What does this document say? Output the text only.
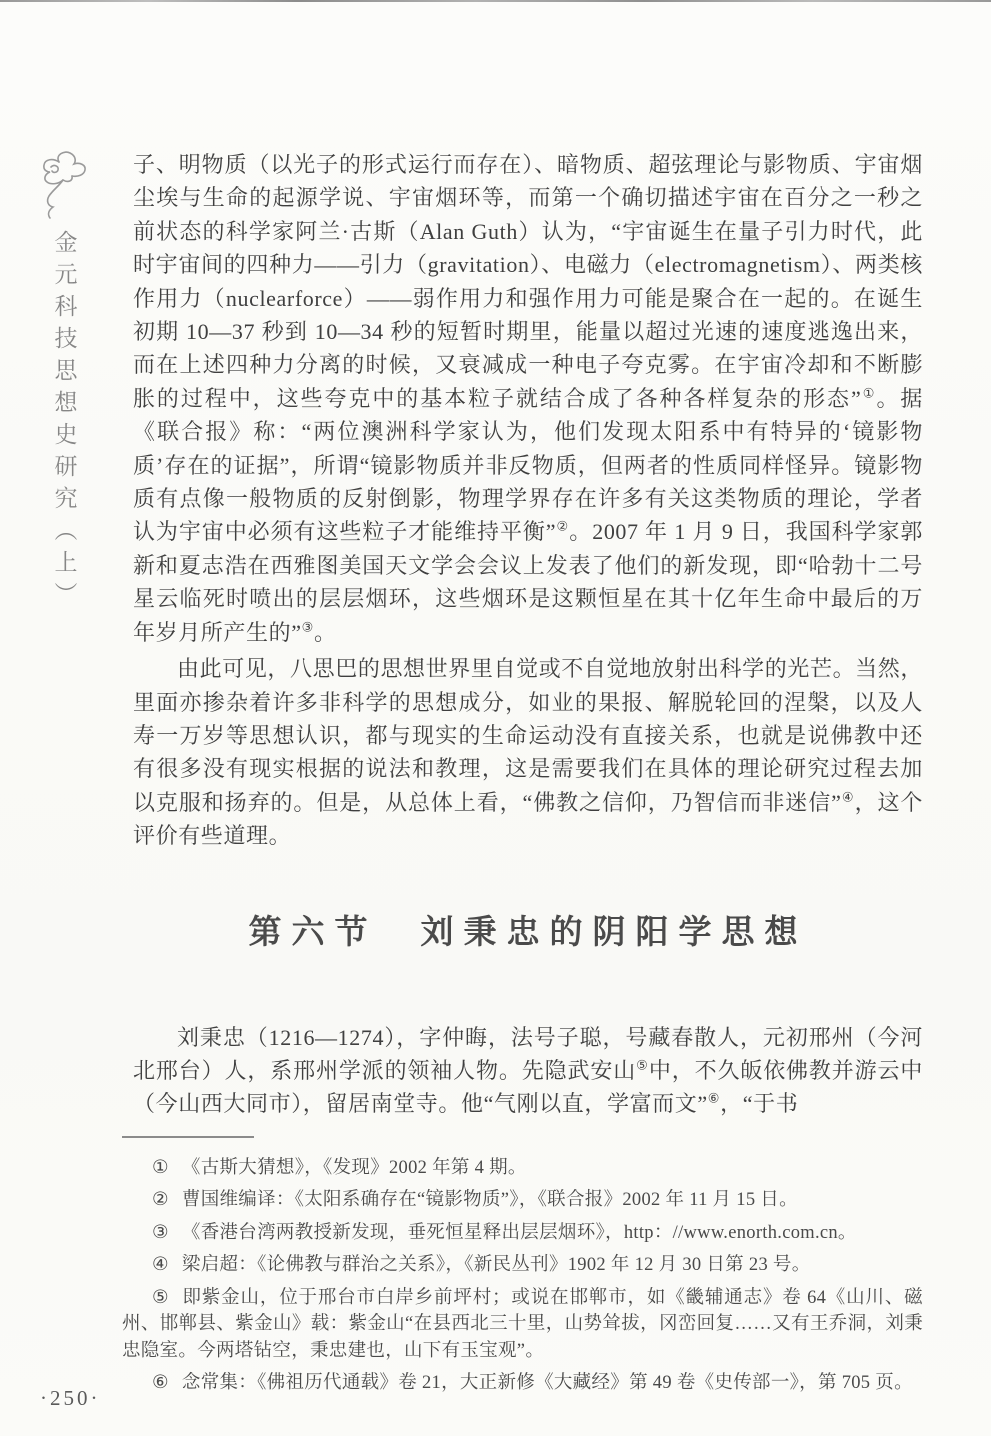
金元科技思想史研究（上）

子、明物质（以光子的形式运行而存在）、暗物质、超弦理论与影物质、宇宙烟尘埃与生命的起源学说、宇宙烟环等，而第一个确切描述宇宙在百分之一秒之前状态的科学家阿兰·古斯（Alan Guth）认为，“宇宙诞生在量子引力时代，此时宇宙间的四种力——引力（gravitation）、电磁力（electromagnetism）、两类核作用力（nuclearforce）——弱作用力和强作用力可能是聚合在一起的。在诞生初期 10—37 秒到 10—34 秒的短暂时期里，能量以超过光速的速度逃逸出来，而在上述四种力分离的时候，又衰减成一种电子夸克雾。在宇宙冷却和不断膨胀的过程中，这些夸克中的基本粒子就结合成了各种各样复杂的形态”①。据《联合报》称：“两位澳洲科学家认为，他们发现太阳系中有特异的‘镜影物质’存在的证据”，所谓“镜影物质并非反物质，但两者的性质同样怪异。镜影物质有点像一般物质的反射倒影，物理学界存在许多有关这类物质的理论，学者认为宇宙中必须有这些粒子才能维持平衡”②。2007 年 1 月 9 日，我国科学家郭新和夏志浩在西雅图美国天文学会会议上发表了他们的新发现，即“哈勃十二号星云临死时喷出的层层烟环，这些烟环是这颗恒星在其十亿年生命中最后的万年岁月所产生的”③。

由此可见，八思巴的思想世界里自觉或不自觉地放射出科学的光芒。当然，里面亦掺杂着许多非科学的思想成分，如业的果报、解脱轮回的涅槃，以及人寿一万岁等思想认识，都与现实的生命运动没有直接关系，也就是说佛教中还有很多没有现实根据的说法和教理，这是需要我们在具体的理论研究过程去加以克服和扬弃的。但是，从总体上看，“佛教之信仰，乃智信而非迷信”④，这个评价有些道理。

第六节　刘秉忠的阴阳学思想

刘秉忠（1216—1274），字仲晦，法号子聪，号藏春散人，元初邢州（今河北邢台）人，系邢州学派的领袖人物。先隐武安山⑤中，不久皈依佛教并游云中（今山西大同市），留居南堂寺。他“气刚以直，学富而文”⑥，“于书

① 《古斯大猜想》，《发现》2002 年第 4 期。

② 曹国维编译：《太阳系确存在“镜影物质”》，《联合报》2002 年 11 月 15 日。

③ 《香港台湾两教授新发现，垂死恒星释出层层烟环》，http：//www.enorth.com.cn。

④ 梁启超：《论佛教与群治之关系》，《新民丛刊》1902 年 12 月 30 日第 23 号。

⑤ 即紫金山，位于邢台市白岸乡前坪村；或说在邯郸市，如《畿辅通志》卷 64《山川、磁州、邯郸县、紫金山》载：紫金山“在县西北三十里，山势耸拔，冈峦回复……又有王乔洞，刘秉忠隐室。今两塔钻空，秉忠建也，山下有玉宝观”。

⑥ 念常集：《佛祖历代通载》卷 21，大正新修《大藏经》第 49 卷《史传部一》，第 705 页。

·250·
